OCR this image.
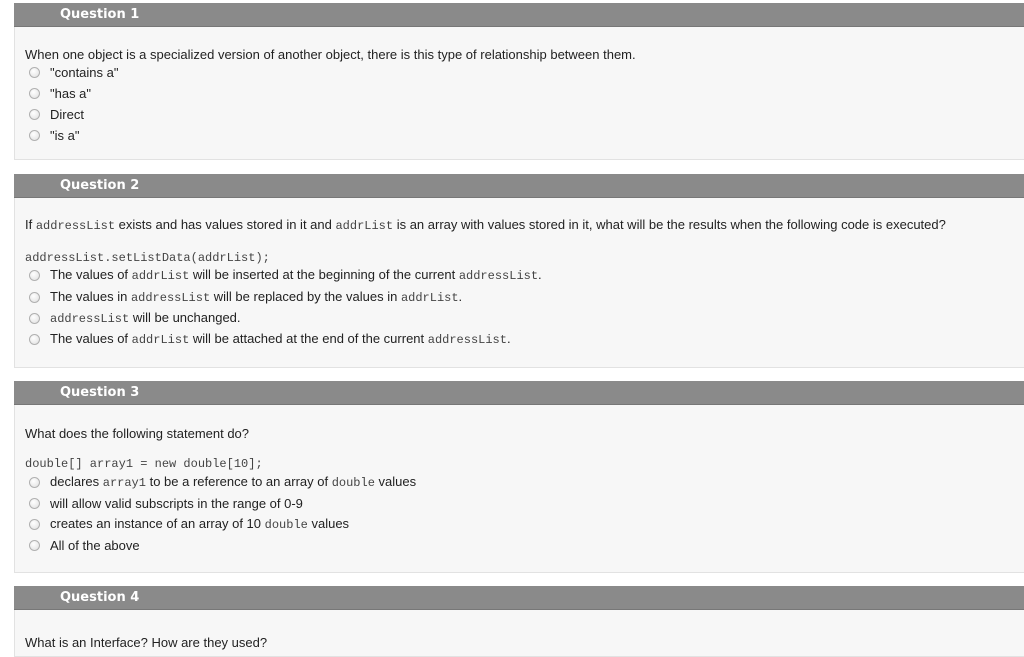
Question 1
When one object is a specialized version of another object, there is this type of relationship between them.
"contains a"
"has a"
Direct
"is a"
Question 2
If addressList exists and has values stored in it and addrList is an array with values stored in it, what will be the results when the following code is executed?
addressList.setListData(addrList);
The values of addrList will be inserted at the beginning of the current addressList.
The values in addressList will be replaced by the values in addrList.
addressList will be unchanged.
The values of addrList will be attached at the end of the current addressList.
Question 3
What does the following statement do?
double[] array1 = new double[10];
declares array1 to be a reference to an array of double values
will allow valid subscripts in the range of 0-9
creates an instance of an array of 10 double values
All of the above
Question 4
What is an Interface? How are they used?
